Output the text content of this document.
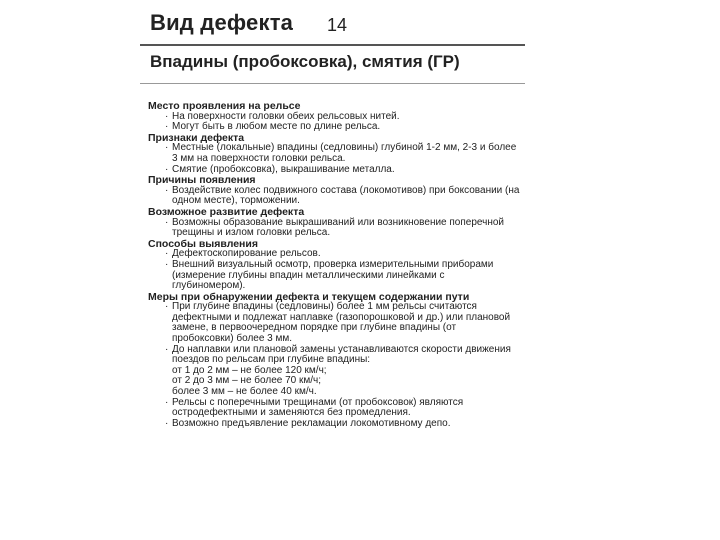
Вид дефекта 14
Впадины (пробоксовка), смятия (ГР)
Место проявления на рельсе
· На поверхности головки обеих рельсовых нитей.
· Могут быть в любом месте по длине рельса.
Признаки дефекта
· Местные (локальные) впадины (седловины) глубиной 1-2 мм, 2-3 и более 3 мм на поверхности головки рельса.
· Смятие (пробоксовка), выкрашивание металла.
Причины появления
· Воздействие колес подвижного состава (локомотивов) при боксовании (на одном месте), торможении.
Возможное развитие дефекта
· Возможны образование выкрашиваний или возникновение поперечной трещины и излом головки рельса.
Способы выявления
· Дефектоскопирование рельсов.
· Внешний визуальный осмотр, проверка измерительными приборами (измерение глубины впадин металлическими линейками с глубиномером).
Меры при обнаружении дефекта и текущем содержании пути
· При глубине впадины (седловины) более 1 мм рельсы считаются дефектными и подлежат наплавке (газопорошковой и др.) или плановой замене, в первоочередном порядке при глубине впадины (от пробоксовки) более 3 мм.
· До наплавки или плановой замены устанавливаются скорости движения поездов по рельсам при глубине впадины:
от 1 до 2 мм – не более 120 км/ч;
от 2 до 3 мм – не более 70 км/ч;
более 3 мм – не более 40 км/ч.
· Рельсы с поперечными трещинами (от пробоксовок) являются остродефектными и заменяются без промедления.
· Возможно предъявление рекламации локомотивному депо.
